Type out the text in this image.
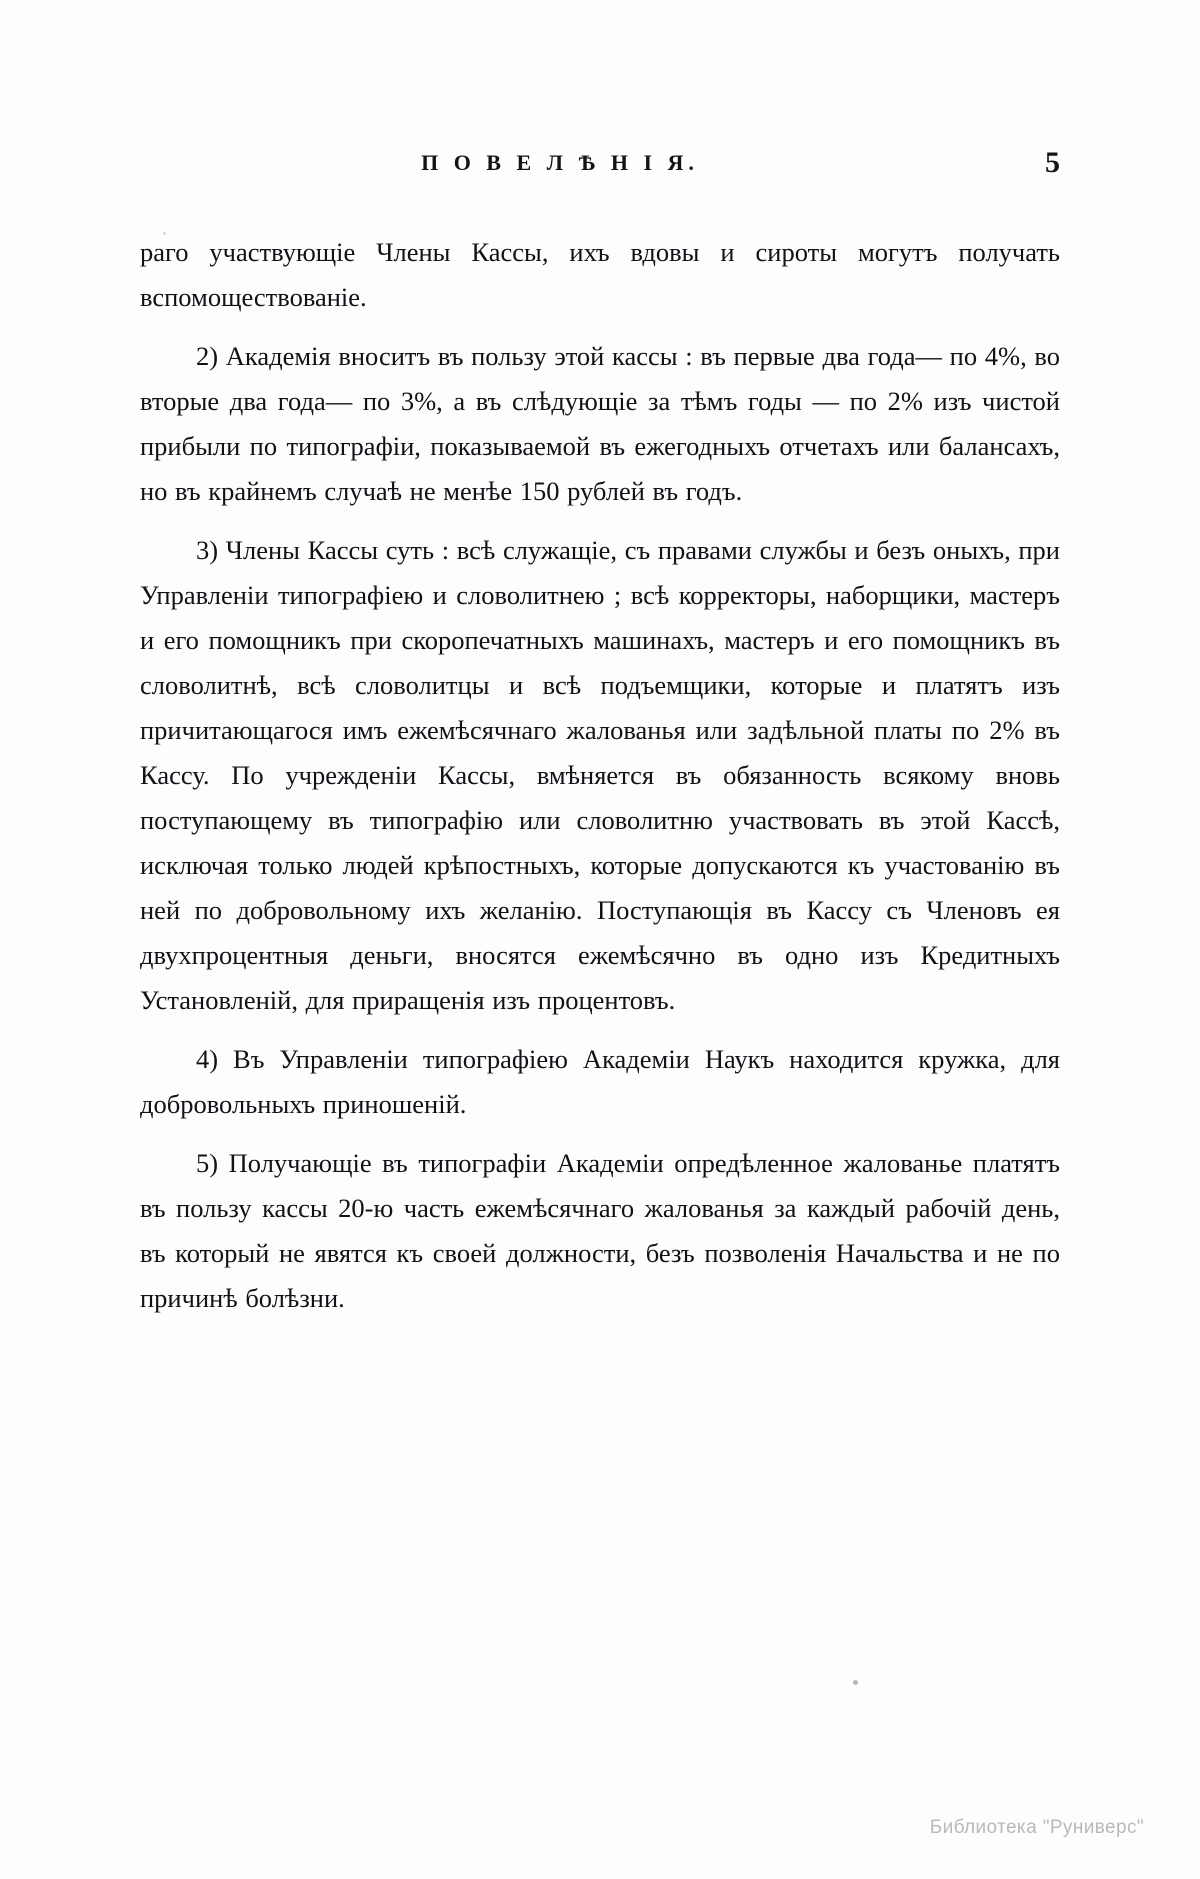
П О В Е Л Ѣ Н І Я.	5

раго участвующіе Члены Кассы, ихъ вдовы и сироты могутъ получать вспомоществованіе.

2) Академія вноситъ въ пользу этой кассы : въ первые два года— по 4%, во вторые два года— по 3%, а въ слѣдующіе за тѣмъ годы — по 2% изъ чистой прибыли по типографіи, показываемой въ ежегодныхъ отчетахъ или балансахъ, но въ крайнемъ случаѣ не менѣе 150 рублей въ годъ.

3) Члены Кассы суть : всѣ служащіе, съ правами службы и безъ оныхъ, при Управленіи типографіею и словолитнею ; всѣ корректоры, наборщики, мастеръ и его помощникъ при скоропечатныхъ машинахъ, мастеръ и его помощникъ въ словолитнѣ, всѣ словолитцы и всѣ подъемщики, которые и платятъ изъ причитающагося имъ ежемѣсячнаго жалованья или задѣльной платы по 2% въ Кассу. По учрежденіи Кассы, вмѣняется въ обязанность всякому вновь поступающему въ типографію или словолитню участвовать въ этой Кассѣ, исключая только людей крѣпостныхъ, которые допускаются къ участованію въ ней по добровольному ихъ желанію. Поступающія въ Кассу съ Членовъ ея двухпроцентныя деньги, вносятся ежемѣсячно въ одно изъ Кредитныхъ Установленій, для приращенія изъ процентовъ.

4) Въ Управленіи типографіею Академіи Наукъ находится кружка, для добровольныхъ приношеній.

5) Получающіе въ типографіи Академіи опредѣленное жалованье платятъ въ пользу кассы 20-ю часть ежемѣсячнаго жалованья за каждый рабочій день, въ который не явятся къ своей должности, безъ позволенія Начальства и не по причинѣ болѣзни.

Библиотека "Руниверс"
